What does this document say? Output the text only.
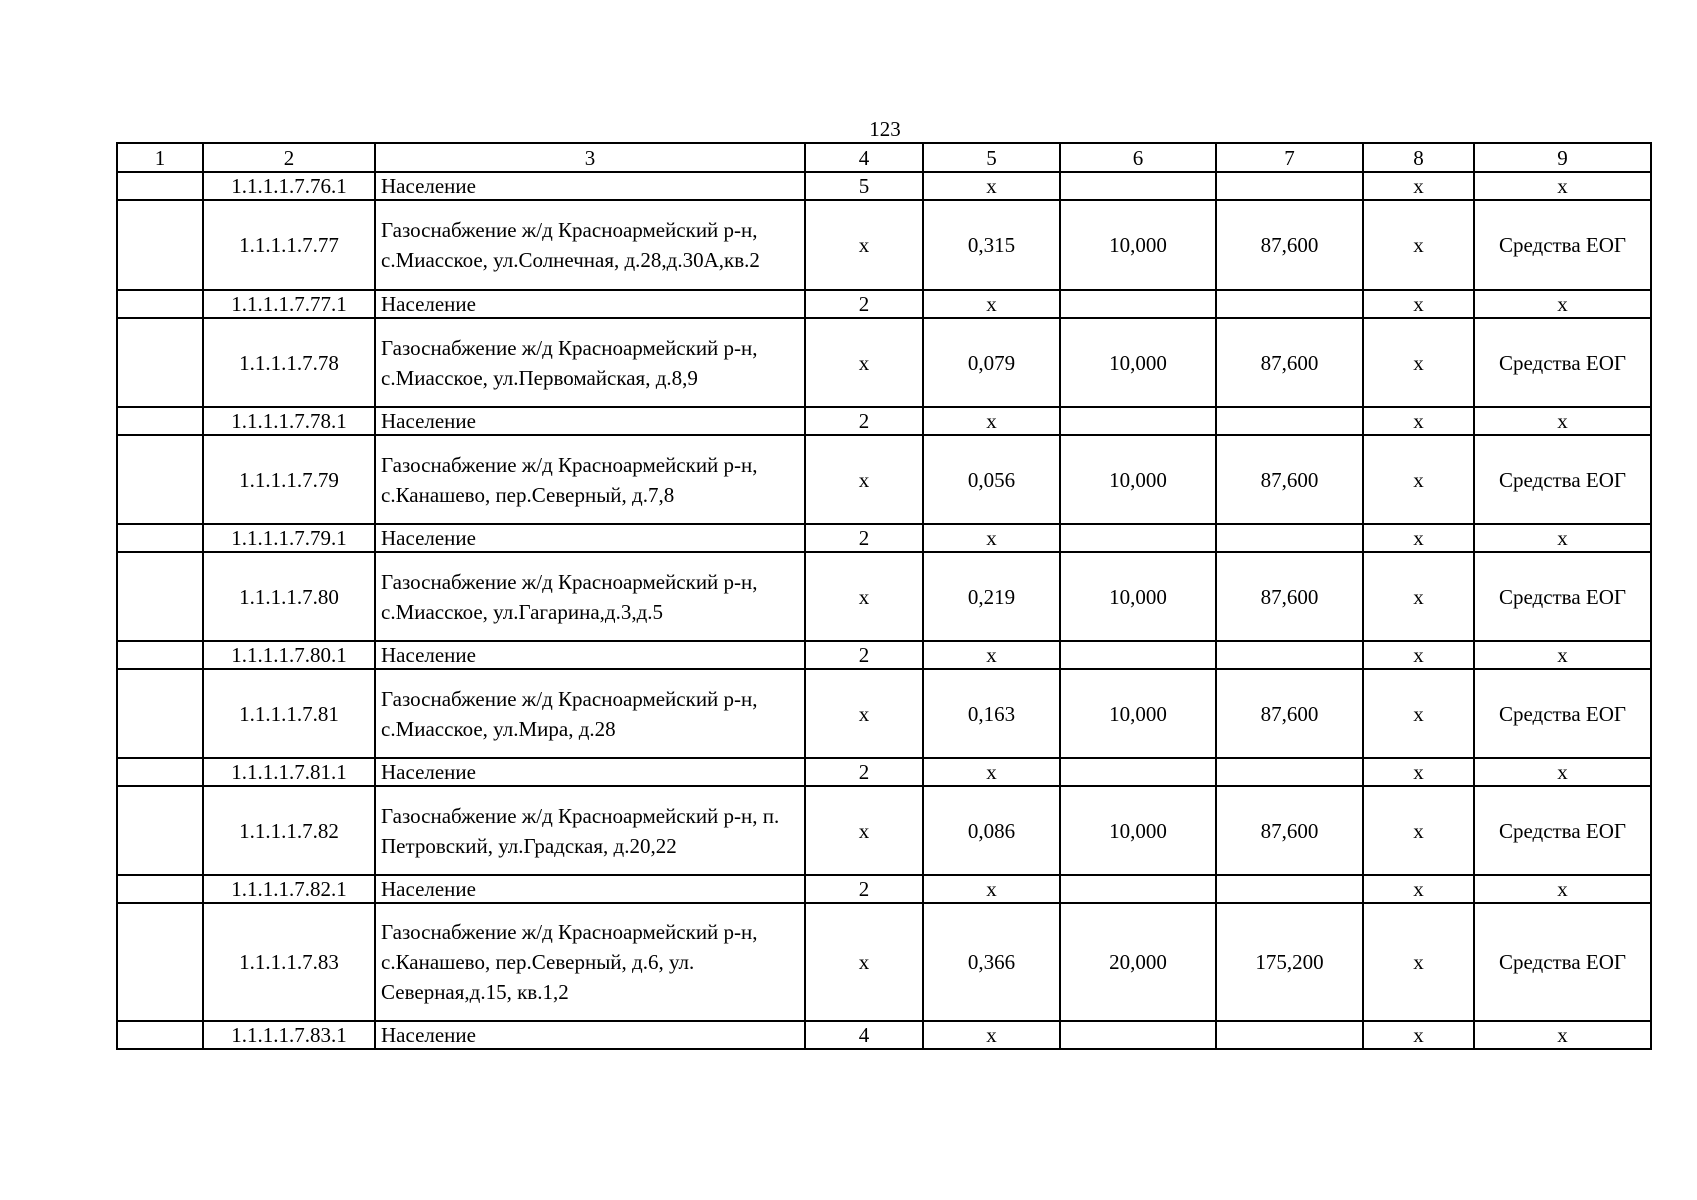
123
1	2	3	4	5	6	7	8	9
	1.1.1.1.7.76.1	Население	5	x			x	x
	1.1.1.1.7.77	Газоснабжение ж/д Красноармейский р-н, с.Миасское, ул.Солнечная, д.28,д.30А,кв.2	x	0,315	10,000	87,600	x	Средства ЕОГ
	1.1.1.1.7.77.1	Население	2	x			x	x
	1.1.1.1.7.78	Газоснабжение ж/д Красноармейский р-н, с.Миасское, ул.Первомайская, д.8,9	x	0,079	10,000	87,600	x	Средства ЕОГ
	1.1.1.1.7.78.1	Население	2	x			x	x
	1.1.1.1.7.79	Газоснабжение ж/д Красноармейский р-н, с.Канашево, пер.Северный, д.7,8	x	0,056	10,000	87,600	x	Средства ЕОГ
	1.1.1.1.7.79.1	Население	2	x			x	x
	1.1.1.1.7.80	Газоснабжение ж/д Красноармейский р-н, с.Миасское, ул.Гагарина,д.3,д.5	x	0,219	10,000	87,600	x	Средства ЕОГ
	1.1.1.1.7.80.1	Население	2	x			x	x
	1.1.1.1.7.81	Газоснабжение ж/д Красноармейский р-н, с.Миасское, ул.Мира, д.28	x	0,163	10,000	87,600	x	Средства ЕОГ
	1.1.1.1.7.81.1	Население	2	x			x	x
	1.1.1.1.7.82	Газоснабжение ж/д Красноармейский р-н, п. Петровский, ул.Градская, д.20,22	x	0,086	10,000	87,600	x	Средства ЕОГ
	1.1.1.1.7.82.1	Население	2	x			x	x
	1.1.1.1.7.83	Газоснабжение ж/д Красноармейский р-н, с.Канашево, пер.Северный, д.6, ул. Северная,д.15, кв.1,2	x	0,366	20,000	175,200	x	Средства ЕОГ
	1.1.1.1.7.83.1	Население	4	x			x	x
